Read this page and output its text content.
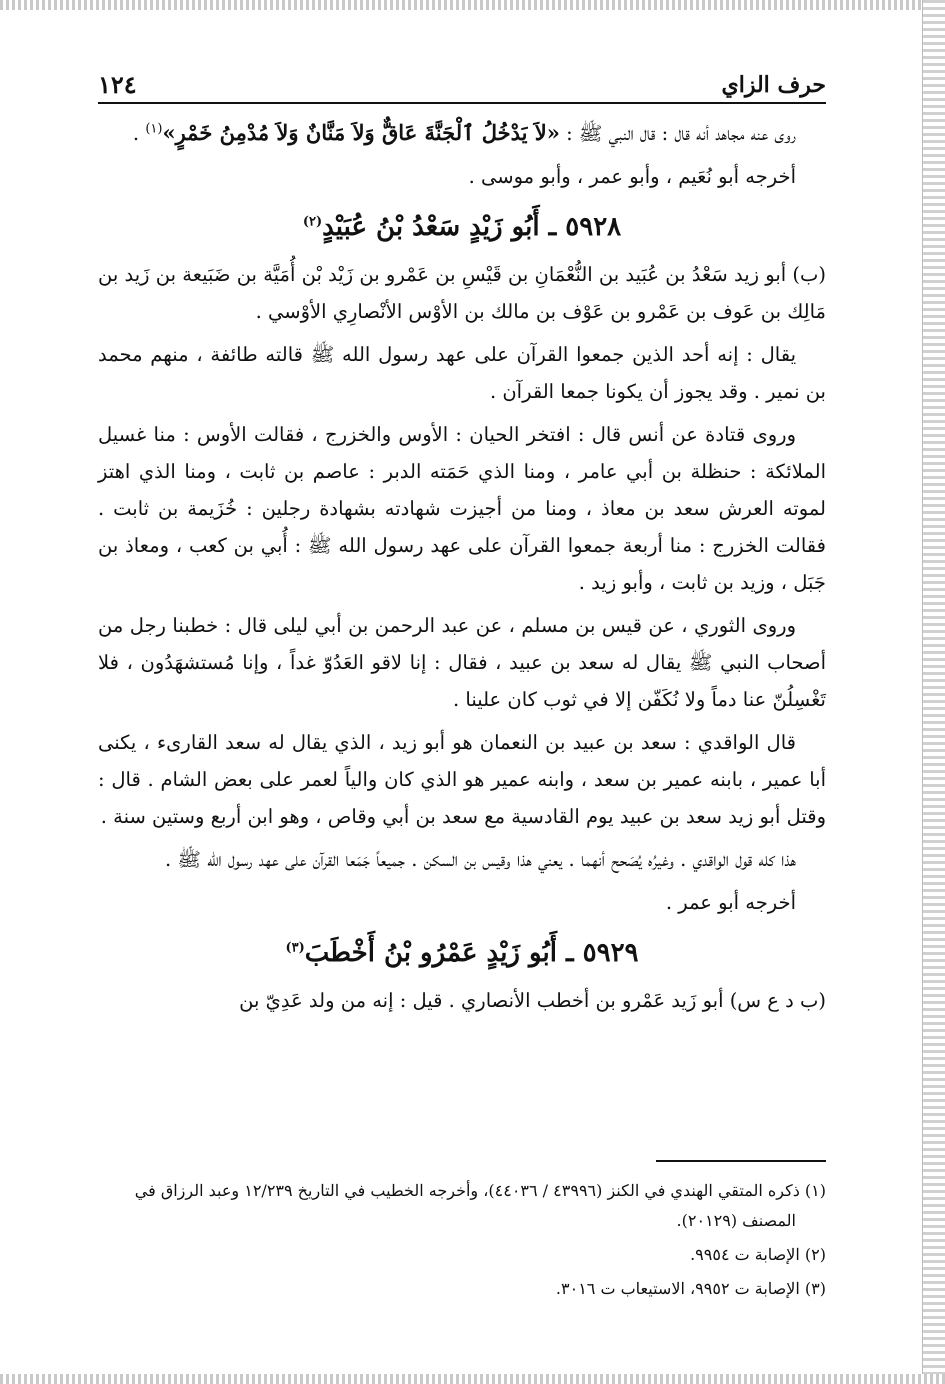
١٢٤	حرف الزاي

روى عنه مجاهد أنه قال : قال النبي ﷺ : «لاَ يَدْخُلُ ٱلْجَنَّةَ عَاقٌّ وَلاَ مَنَّانٌ وَلاَ مُدْمِنُ خَمْرٍ»$^{(١)}$ .

أخرجه أبو نُعَيم ، وأبو عمر ، وأبو موسى .

٥٩٢٨ ـ أَبُو زَيْدٍ سَعْدُ بْنُ عُبَيْدٍ$^{(٢)}$

(ب) أبو زيد سَعْدُ بن عُبَيد بن النُّعْمَانِ بن قَيْسِ بن عَمْرو بن زَيْد بْن أُمَيَّة بن ضَبَيعة بن زَيد بن مَالِك بن عَوف بن عَمْرو بن عَوْف بن مالك بن الأوْس الأنْصارِي الأوْسي .

يقال : إنه أحد الذين جمعوا القرآن على عهد رسول الله ﷺ قالته طائفة ، منهم محمد بن نمير . وقد يجوز أن يكونا جمعا القرآن .

وروى قتادة عن أنس قال : افتخر الحيان : الأوس والخزرج ، فقالت الأوس : منا غسيل الملائكة : حنظلة بن أبي عامر ، ومنا الذي حَمَته الدبر : عاصم بن ثابت ، ومنا الذي اهتز لموته العرش سعد بن معاذ ، ومنا من أجيزت شهادته بشهادة رجلين : خُزَيمة بن ثابت . فقالت الخزرج : منا أربعة جمعوا القرآن على عهد رسول الله ﷺ : أُبي بن كعب ، ومعاذ بن جَبَل ، وزيد بن ثابت ، وأبو زيد .

وروى الثوري ، عن قيس بن مسلم ، عن عبد الرحمن بن أبي ليلى قال : خطبنا رجل من أصحاب النبي ﷺ يقال له سعد بن عبيد ، فقال : إنا لاقو العَدُوّ غداً ، وإنا مُستشهَدُون ، فلا تَغْسِلُنّ عنا دماً ولا نُكَفّن إلا في ثوب كان علينا .

قال الواقدي : سعد بن عبيد بن النعمان هو أبو زيد ، الذي يقال له سعد القارىء ، يكنى أبا عمير ، بابنه عمير بن سعد ، وابنه عمير هو الذي كان والياً لعمر على بعض الشام . قال : وقتل أبو زيد سعد بن عبيد يوم القادسية مع سعد بن أبي وقاص ، وهو ابن أربع وستين سنة .

هذا كله قول الواقدي . وغيرُه يُصَحح أنهما . يعني هذا وقيس بن السكن . جميعاً جَمَعا القرآن على عهد رسول الله ﷺ .

أخرجه أبو عمر .

٥٩٢٩ ـ أَبُو زَيْدٍ عَمْرُو بْنُ أَخْطَبَ$^{(٣)}$

(ب د ع س) أبو زَيد عَمْرو بن أخطب الأنصاري . قيل : إنه من ولد عَدِيّ بن

(١) ذكره المتقي الهندي في الكنز (٤٣٩٩٦ / ٤٤٠٣٦)، وأخرجه الخطيب في التاريخ ١٢/٢٣٩ وعبد الرزاق في المصنف (٢٠١٢٩).

(٢) الإصابة ت ٩٩٥٤.

(٣) الإصابة ت ٩٩٥٢، الاستيعاب ت ٣٠١٦.
